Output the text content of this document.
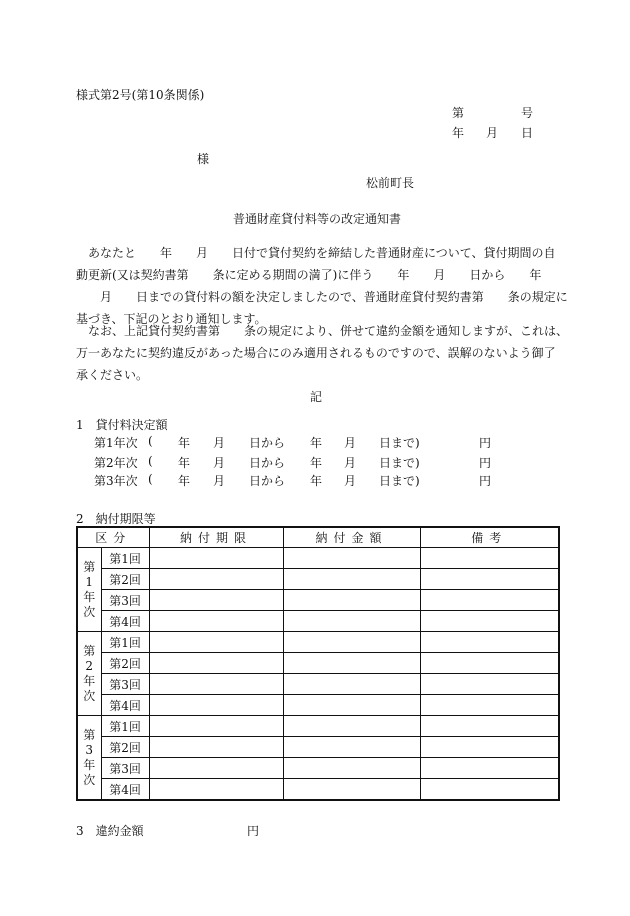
様式第2号(第10条関係)
第	号
年 月 日
様
松前町長
普通財産貸付料等の改定通知書

あなたと　　年　　月　　日付で貸付契約を締結した普通財産について、貸付期間の自

動更新(又は契約書第　　条に定める期間の満了)に伴う　　年　　月　　日から　　年

　　月　　日までの貸付料の額を決定しましたので、普通財産貸付契約書第　　条の規定に

基づき、下記のとおり通知します。

なお、上記貸付契約書第　　条の規定により、併せて違約金額を通知しますが、これは、

万一あなたに契約違反があった場合にのみ適用されるものですので、誤解のないよう御了

承ください。

記
1　貸付料決定額
第1年次 ( 年 月 日から 年 月 日まで)	円
第2年次 ( 年 月 日から 年 月 日まで)	円
第3年次 ( 年 月 日から 年 月 日まで)	円
2　納付期限等
区分		納付期限	納付金額	備考

第
1
年
次	第1回			
	第2回			
	第3回			
	第4回			

第
2
年
次	第1回			
	第2回			
	第3回			
	第4回			

第
3
年
次	第1回			
	第2回			
	第3回			
	第4回			
3　違約金額	円
